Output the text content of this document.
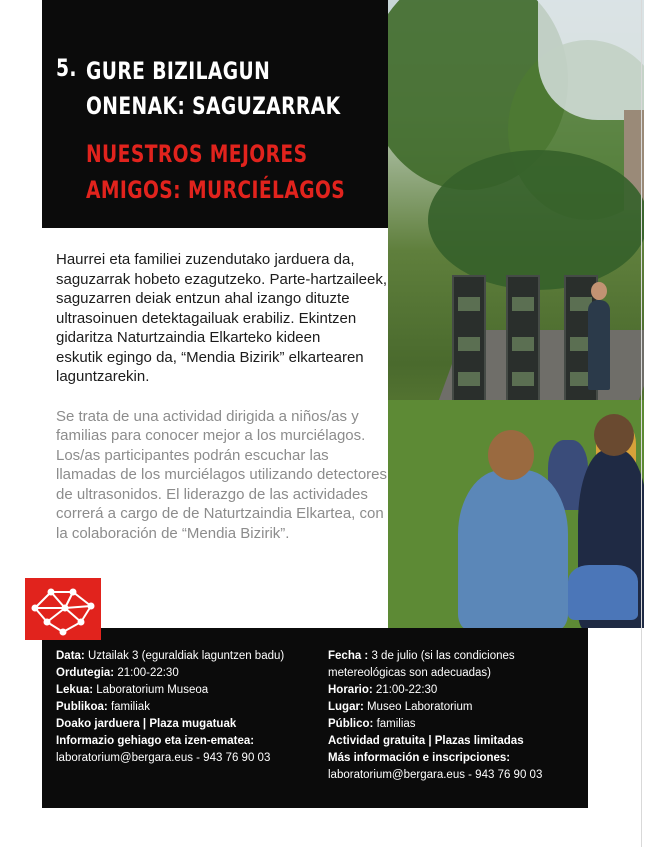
5. GURE BIZILAGUN
ONENAK: SAGUZARRAK
NUESTROS MEJORES
AMIGOS: MURCIÉLAGOS
Haurrei eta familiei zuzendutako jarduera da,
saguzarrak hobeto ezagutzeko. Parte-hartzaileek,
saguzarren deiak entzun ahal izango dituzte
ultrasoinuen detektagailuak erabiliz. Ekintzen
gidaritza Naturtzaindia Elkarteko kideen
eskutik egingo da, “Mendia Bizirik” elkartearen
laguntzarekin.
Se trata de una actividad dirigida a niños/as y
familias para conocer mejor a los murciélagos.
Los/as participantes podrán escuchar las
llamadas de los murciélagos utilizando detectores
de ultrasonidos. El liderazgo de las actividades
correrá a cargo de de Naturtzaindia Elkartea, con
la colaboración de “Mendia Bizirik”.
Data: Uztailak 3 (eguraldiak laguntzen badu)
Ordutegia: 21:00-22:30
Lekua: Laboratorium Museoa
Publikoa: familiak
Doako jarduera | Plaza mugatuak
Informazio gehiago eta izen-ematea:
laboratorium@bergara.eus - 943 76 90 03
Fecha : 3 de julio (si las condiciones
metereológicas son adecuadas)
Horario: 21:00-22:30
Lugar: Museo Laboratorium
Público: familias
Actividad gratuita | Plazas limitadas
Más información e inscripciones:
laboratorium@bergara.eus - 943 76 90 03
